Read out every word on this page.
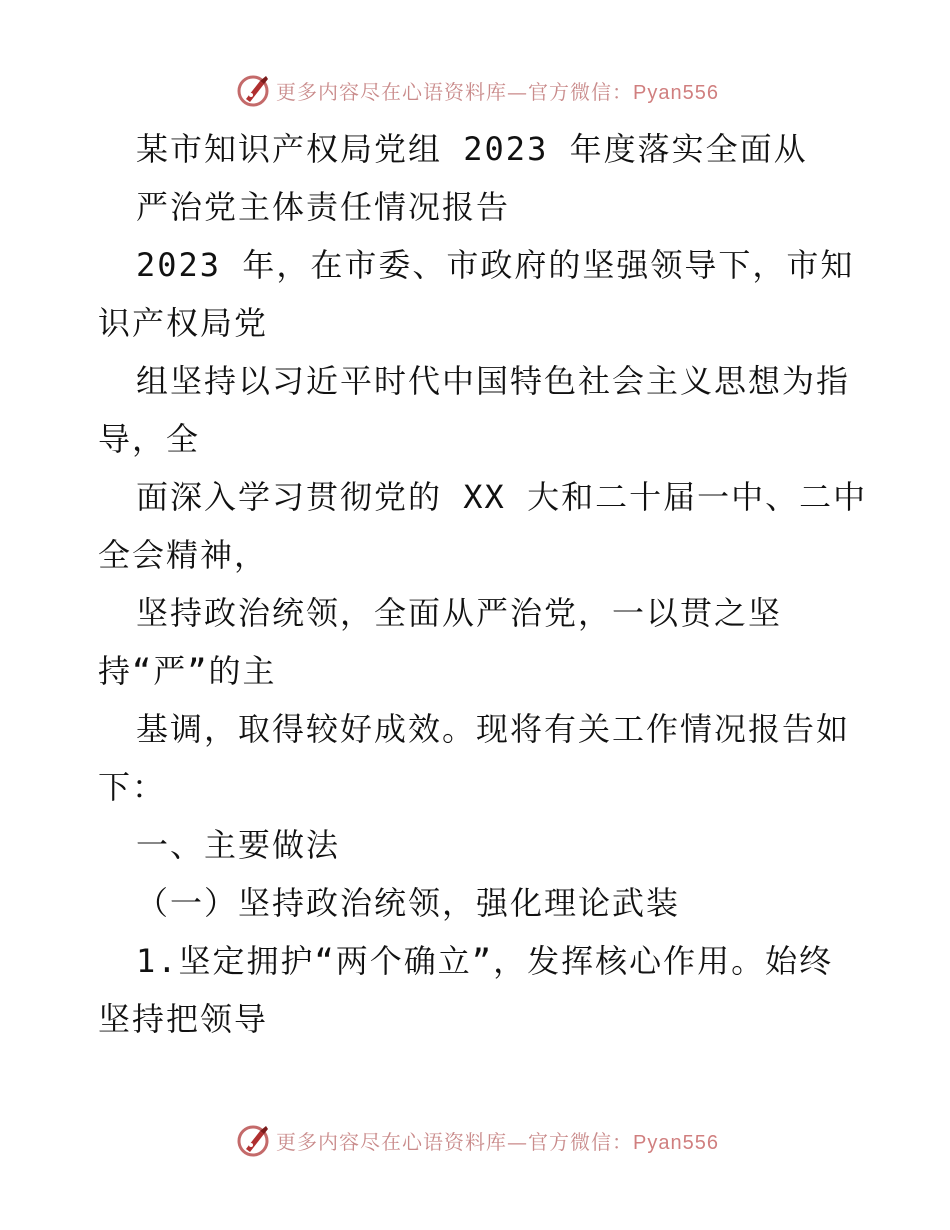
更多内容尽在心语资料库—官方微信：Pyan556
某市知识产权局党组 2023 年度落实全面从
严治党主体责任情况报告
2023 年，在市委、市政府的坚强领导下，市知
识产权局党
组坚持以习近平时代中国特色社会主义思想为指
导，全
面深入学习贯彻党的 XX 大和二十届一中、二中
全会精神，
坚持政治统领，全面从严治党，一以贯之坚
持“严”的主
基调，取得较好成效。现将有关工作情况报告如
下：
一、主要做法
（一）坚持政治统领，强化理论武装
1.坚定拥护“两个确立”，发挥核心作用。始终
坚持把领导
更多内容尽在心语资料库—官方微信：Pyan556
